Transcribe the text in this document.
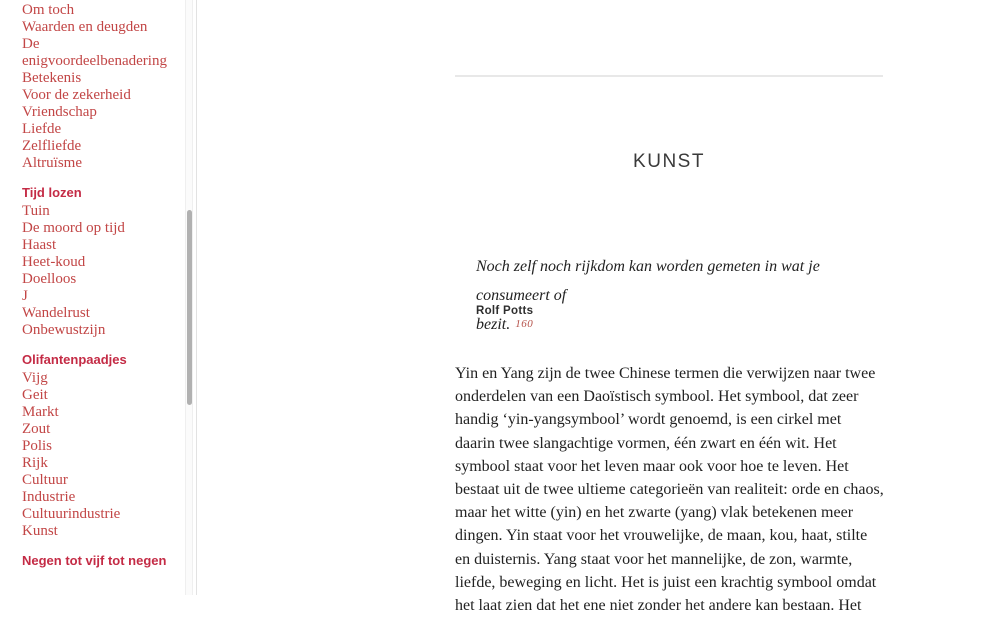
Om toch
Waarden en deugden
De enigvoordeelbenadering
Betekenis
Voor de zekerheid
Vriendschap
Liefde
Zelfliefde
Altruïsme
Tijd lozen
Tuin
De moord op tijd
Haast
Heet-koud
Doelloos
J
Wandelrust
Onbewustzijn
Olifantenpaadjes
Vijg
Geit
Markt
Zout
Polis
Rijk
Cultuur
Industrie
Cultuurindustrie
Kunst
Negen tot vijf tot negen
KUNST
Noch zelf noch rijkdom kan worden gemeten in wat je consumeert of
bezit. $^{160}$
Rolf Potts
Yin en Yang zijn de twee Chinese termen die verwijzen naar twee onderdelen van een Daoïstisch symbool. Het symbool, dat zeer handig ‘yin-yangsymbool’ wordt genoemd, is een cirkel met daarin twee slangachtige vormen, één zwart en één wit. Het symbool staat voor het leven maar ook voor hoe te leven. Het bestaat uit de twee ultieme categorieën van realiteit: orde en chaos, maar het witte (yin) en het zwarte (yang) vlak betekenen meer dingen. Yin staat voor het vrouwelijke, de maan, kou, haat, stilte en duisternis. Yang staat voor het mannelijke, de zon, warmte, liefde, beweging en licht. Het is juist een krachtig symbool omdat het laat zien dat het ene niet zonder het andere kan bestaan. Het
